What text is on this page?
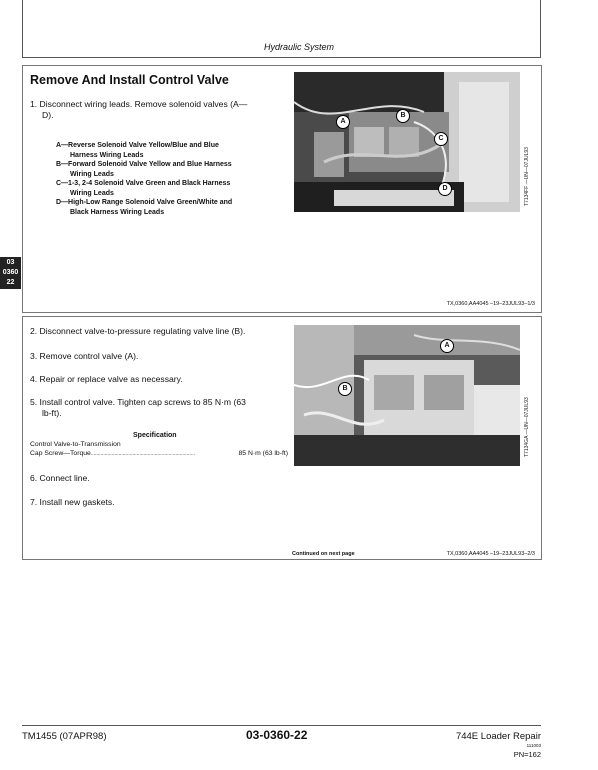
Hydraulic System
03
0360
22
Remove And Install Control Valve
1. Disconnect wiring leads. Remove solenoid valves (A—
D).
A—Reverse Solenoid Valve Yellow/Blue and Blue
Harness Wiring Leads
B—Forward Solenoid Valve Yellow and Blue Harness
Wiring Leads
C—1-3, 2-4 Solenoid Valve Green and Black Harness
Wiring Leads
D—High-Low Range Solenoid Valve Green/White and
Black Harness Wiring Leads
A
B
C
D	T7134FF —UN—07JUL93
TX,0360,AA4045 –19–23JUL93–1/3
2. Disconnect valve-to-pressure regulating valve line (B).
3. Remove control valve (A).
4. Repair or replace valve as necessary.
5. Install control valve. Tighten cap screws to 85 N·m (63
lb-ft).
Specification
Control Valve-to-Transmission
Cap Screw—Torque ...........................................................................	85 N·m (63 lb-ft)
6. Connect line.
7. Install new gaskets.
A
B
T7134GA —UN—07JUL93
Continued on next page	TX,0360,AA4045 –19–23JUL93–2/3
TM1455 (07APR98)	03-0360-22	744E Loader Repair
111003
PN=162
